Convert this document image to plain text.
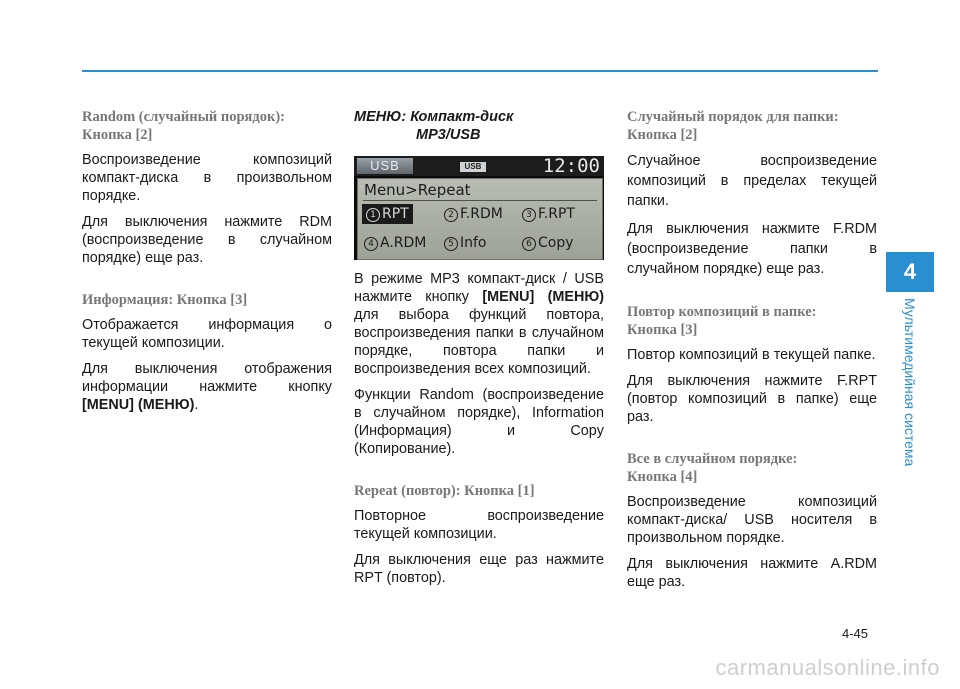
Random (случайный порядок):
Кнопка [2]

Воспроизведение композиций компакт-диска в произвольном порядке.

Для выключения нажмите RDM (воспроизведение в случайном порядке) еще раз.

Информация: Кнопка [3]

Отображается информация о текущей композиции.

Для выключения отображения информации нажмите кнопку [MENU] (МЕНЮ).

МЕНЮ: Компакт-диск
MP3/USB
USB	USB	12:00
Menu>Repeat
1 RPT	2 F.RDM	3 F.RPT
4 A.RDM	5 Info	6 Copy

В режиме MP3 компакт-диск / USB нажмите кнопку [MENU] (МЕНЮ) для выбора функций повтора, воспроизведения папки в случайном порядке, повтора папки и воспроизведения всех композиций.

Функции Random (воспроизведение в случайном порядке), Information (Информация) и Copy (Копирование).

Repeat (повтор): Кнопка [1]

Повторное воспроизведение текущей композиции.

Для выключения еще раз нажмите RPT (повтор).

Случайный порядок для папки:
Кнопка [2]

Случайное воспроизведение композиций в пределах текущей папки.

Для выключения нажмите F.RDM (воспроизведение папки в случайном порядке) еще раз.

Повтор композиций в папке:
Кнопка [3]

Повтор композиций в текущей папке.

Для выключения нажмите F.RPT (повтор композиций в папке) еще раз.

Все в случайном порядке:
Кнопка [4]

Воспроизведение композиций компакт-диска/ USB носителя в произвольном порядке.

Для выключения нажмите A.RDM еще раз.

4
Мультимедийная система
4-45
carmanualsonline.info
